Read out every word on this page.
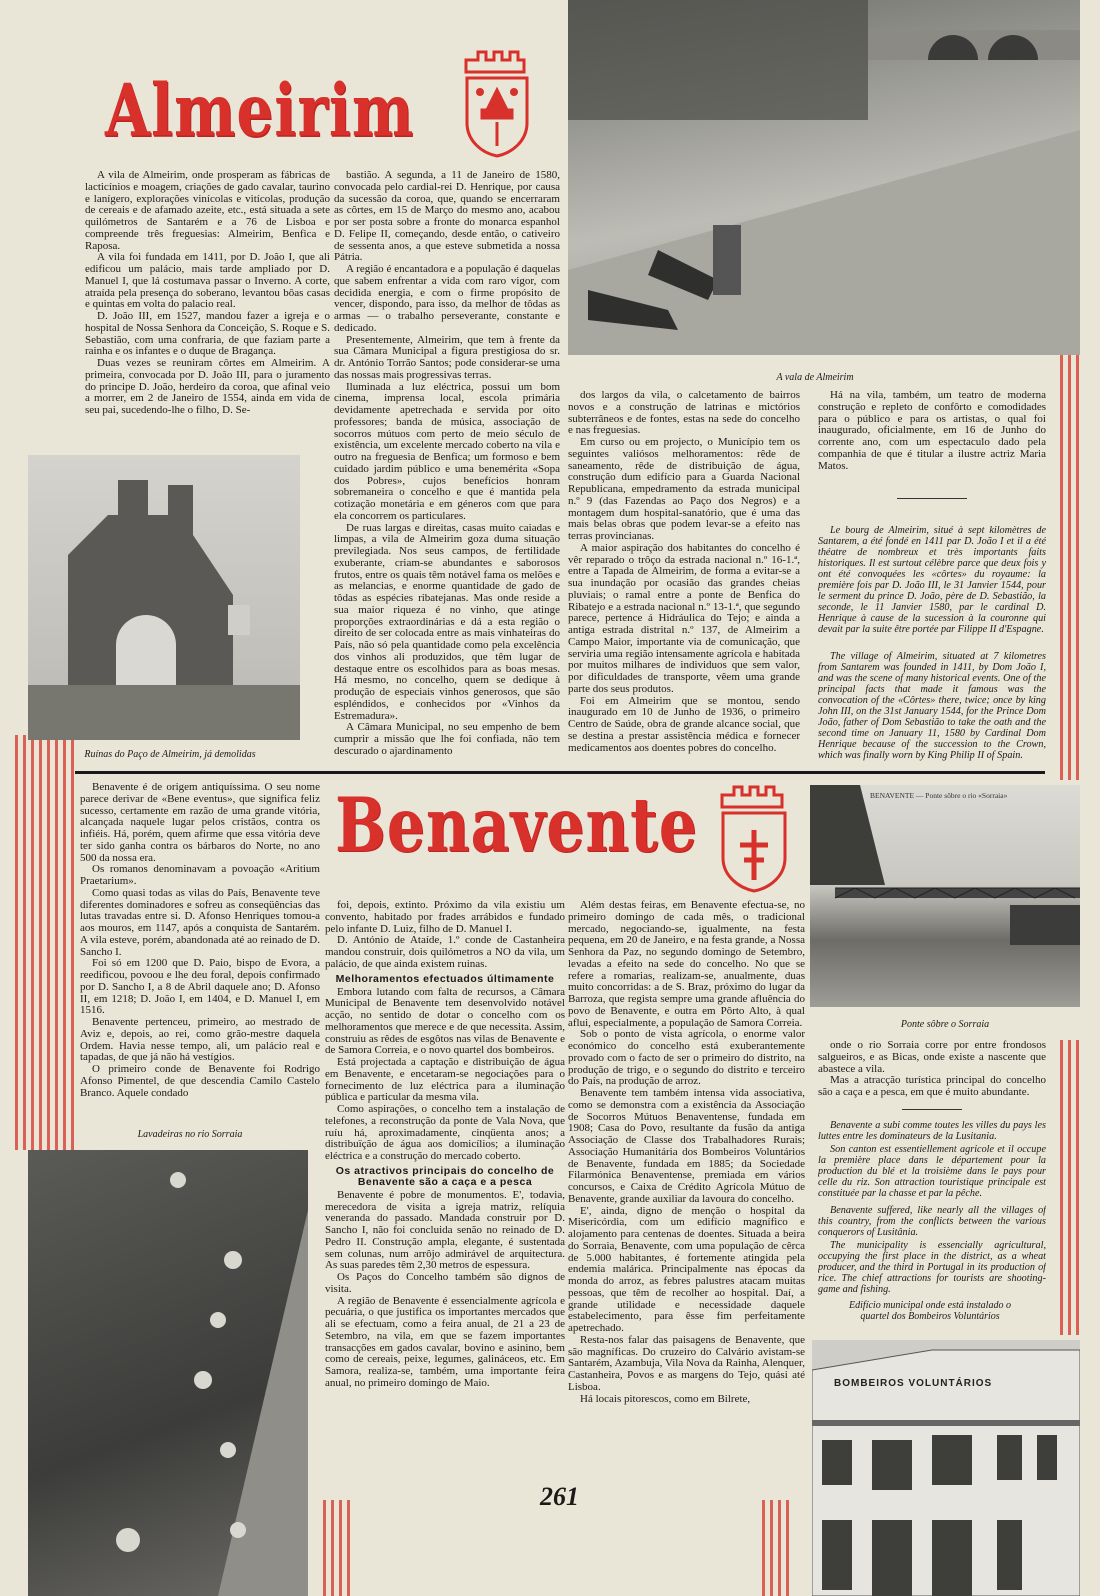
Almeirim
A vala de Almeirim

A vila de Almeirim, onde prosperam as fábricas de lacticínios e moagem, criações de gado cavalar, taurino e lanígero, explorações vinícolas e vitícolas, produção de cereais e de afamado azeite, etc., está situada a sete quilómetros de Santarém e a 76 de Lisboa e compreende três freguesias: Almeirim, Benfica e Raposa.

A vila foi fundada em 1411, por D. João I, que ali edificou um palácio, mais tarde ampliado por D. Manuel I, que lá costumava passar o Inverno. A corte, atraída pela presença do soberano, levantou bôas casas e quintas em volta do palacio real.

D. João III, em 1527, mandou fazer a igreja e o hospital de Nossa Senhora da Conceição, S. Roque e S. Sebastião, com uma confraria, de que faziam parte a rainha e os infantes e o duque de Bragança.

Duas vezes se reuniram côrtes em Almeirim. A primeira, convocada por D. João III, para o juramento do principe D. João, herdeiro da coroa, que afinal veio a morrer, em 2 de Janeiro de 1554, ainda em vida de seu pai, sucedendo-lhe o filho, D. Se-

bastião. A segunda, a 11 de Janeiro de 1580, convocada pelo cardial-rei D. Henrique, por causa da sucessão da coroa, que, quando se encerraram as côrtes, em 15 de Março do mesmo ano, acabou por ser posta sobre a fronte do monarca espanhol D. Felipe II, começando, desde então, o cativeiro de sessenta anos, a que esteve submetida a nossa Pátria.

A região é encantadora e a população é daquelas que sabem enfrentar a vida com raro vigor, com decidida energia, e com o firme propósito de vencer, dispondo, para isso, da melhor de tôdas as armas — o trabalho perseverante, constante e dedicado.

Presentemente, Almeirim, que tem à frente da sua Câmara Municipal a figura prestigiosa do sr. dr. António Torrão Santos; pode considerar-se uma das nossas mais progressivas terras.

Iluminada a luz eléctrica, possui um bom cinema, imprensa local, escola primária devidamente apetrechada e servida por oito professores; banda de música, associação de socorros mútuos com perto de meio século de existência, um excelente mercado coberto na vila e outro na freguesia de Benfica; um formoso e bem cuidado jardim público e uma benemérita «Sopa dos Pobres», cujos benefícios honram sobremaneira o concelho e que é mantida pela cotização monetária e em géneros com que para ela concorrem os particulares.

De ruas largas e direitas, casas muito caiadas e limpas, a vila de Almeirim goza duma situação previlegiada. Nos seus campos, de fertilidade exuberante, criam-se abundantes e saborosos frutos, entre os quais têm notável fama os melões e as melancias, e enorme quantidade de gado de tôdas as espécies ribatejanas. Mas onde reside a sua maior riqueza é no vinho, que atinge proporções extraordinárias e dá a esta região o direito de ser colocada entre as mais vinhateiras do País, não só pela quantidade como pela excelência dos vinhos ali produzidos, que têm lugar de destaque entre os escolhidos para as boas mesas. Há mesmo, no concelho, quem se dedique à produção de especiais vinhos generosos, que são espléndidos, e conhecidos por «Vinhos da Estremadura».

A Câmara Municipal, no seu empenho de bem cumprir a missão que lhe foi confiada, não tem descurado o ajardinamento

Ruínas do Paço de Almeirim, já demolidas

dos largos da vila, o calcetamento de bairros novos e a construção de latrinas e mictórios subterrâneos e de fontes, estas na sede do concelho e nas freguesias.

Em curso ou em projecto, o Município tem os seguintes valiósos melhoramentos: rêde de saneamento, rêde de distribuição de água, construção dum edifício para a Guarda Nacional Republicana, empedramento da estrada municipal n.º 9 (das Fazendas ao Paço dos Negros) e a montagem dum hospital-sanatório, que é uma das mais belas obras que podem levar-se a efeito nas terras provincianas.

A maior aspiração dos habitantes do concelho é vêr reparado o trôço da estrada nacional n.º 16-1.ª, entre a Tapada de Almeirim, de forma a evitar-se a sua inundação por ocasião das grandes cheias pluviais; o ramal entre a ponte de Benfica do Ribatejo e a estrada nacional n.º 13-1.ª, que segundo parece, pertence á Hidráulica do Tejo; e ainda a antiga estrada distrital n.º 137, de Almeirim a Campo Maior, importante via de comunicação, que serviria uma região intensamente agrícola e habitada por muitos milhares de individuos que sem valor, por dificuldades de transporte, vêem uma grande parte dos seus produtos.

Foi em Almeirim que se montou, sendo inaugurado em 10 de Junho de 1936, o primeiro Centro de Saúde, obra de grande alcance social, que se destina a prestar assistência médica e fornecer medicamentos aos doentes pobres do concelho.

Há na vila, também, um teatro de moderna construção e repleto de confôrto e comodidades para o público e para os artistas, o qual foi inaugurado, oficialmente, em 16 de Junho do corrente ano, com um espectaculo dado pela companhia de que é titular a ilustre actriz Maria Matos.

Le bourg de Almeirim, situé à sept kilomètres de Santarem, a été fondé en 1411 par D. João I et il a été théatre de nombreux et très importants faits historiques. Il est surtout célèbre parce que deux fois y ont été convoquées les «côrtes» du royaume: la première fois par D. João III, le 31 Janvier 1544, pour le serment du prince D. João, père de D. Sebastião, la seconde, le 11 Janvier 1580, par le cardinal D. Henrique à cause de la sucession à la couronne qui devait par la suite être portée par Filippe II d'Espagne.

The village of Almeirim, situated at 7 kilometres from Santarem was founded in 1411, by Dom João I, and was the scene of many historical events. One of the principal facts that made it famous was the convocation of the «Côrtes» there, twice; once by king John III, on the 31st January 1544, for the Prince Dom João, father of Dom Sebastião to take the oath and the second time on January 11, 1580 by Cardinal Dom Henrique because of the succession to the Crown, which was finally worn by King Philip II of Spain.

Benavente é de origem antiquíssima. O seu nome parece derivar de «Bene eventus», que significa feliz sucesso, certamente em razão de uma grande vitória, alcançada naquele lugar pelos cristãos, contra os infiéis. Há, porém, quem afirme que essa vitória deve ter sido ganha contra os bárbaros do Norte, no ano 500 da nossa era.

Os romanos denominavam a povoação «Aritium Praetarium».

Como quasi todas as vilas do País, Benavente teve diferentes dominadores e sofreu as conseqüências das lutas travadas entre si. D. Afonso Henriques tomou-a aos mouros, em 1147, após a conquista de Santarém. A vila esteve, porém, abandonada até ao reinado de D. Sancho I.

Foi só em 1200 que D. Paio, bispo de Evora, a reedificou, povoou e lhe deu foral, depois confirmado por D. Sancho I, a 8 de Abril daquele ano; D. Afonso II, em 1218; D. João I, em 1404, e D. Manuel I, em 1516.

Benavente pertenceu, primeiro, ao mestrado de Aviz e, depois, ao rei, como grão-mestre daquela Ordem. Havia nesse tempo, ali, um palácio real e tapadas, de que já não há vestígios.

O primeiro conde de Benavente foi Rodrigo Afonso Pimentel, de que descendia Camilo Castelo Branco. Aquele condado

Lavadeiras no rio Sorraia
Benavente

foi, depois, extinto. Próximo da vila existiu um convento, habitado por frades arrábidos e fundado pelo infante D. Luiz, filho de D. Manuel I.

D. António de Ataíde, 1.º conde de Castanheira mandou construir, dois quilómetros a NO da vila, um palácio, de que ainda existem ruinas.

Melhoramentos efectuados últimamente

Embora lutando com falta de recursos, a Câmara Municipal de Benavente tem desenvolvido notável acção, no sentido de dotar o concelho com os melhoramentos que merece e de que necessita. Assim, construiu as rêdes de esgôtos nas vilas de Benavente e de Samora Correia, e o novo quartel dos bombeiros.

Está projectada a captação e distribuição de água em Benavente, e encetaram-se negociações para o fornecimento de luz eléctrica para a iluminação pública e particular da mesma vila.

Como aspirações, o concelho tem a instalação de telefones, a reconstrução da ponte de Vala Nova, que ruíu há, aproximadamente, cinqüenta anos; a distribuïção de água aos domicílios; a iluminação eléctrica e a construção do mercado coberto.

Os atractivos principais do concelho de Benavente são a caça e a pesca

Benavente é pobre de monumentos. E', todavia, merecedora de visita a igreja matriz, relíquia veneranda do passado. Mandada construir por D. Sancho I, não foi concluida senão no reinado de D. Pedro II. Construção ampla, elegante, é sustentada sem colunas, num arrôjo admirável de arquitectura. As suas paredes têm 2,30 metros de espessura.

Os Paços do Concelho também são dignos de visita.

A região de Benavente é essencialmente agrícola e pecuária, o que justifica os importantes mercados que ali se efectuam, como a feira anual, de 21 a 23 de Setembro, na vila, em que se fazem importantes transacções em gados cavalar, bovino e asinino, bem como de cereais, peixe, legumes, galináceos, etc. Em Samora, realiza-se, também, uma importante feira anual, no primeiro domingo de Maio.

Além destas feiras, em Benavente efectua-se, no primeiro domingo de cada mês, o tradicional mercado, negociando-se, igualmente, na festa pequena, em 20 de Janeiro, e na festa grande, a Nossa Senhora da Paz, no segundo domingo de Setembro, levadas a efeito na sede do concelho. No que se refere a romarias, realizam-se, anualmente, duas muito concorridas: a de S. Braz, próximo do lugar da Barroza, que regista sempre uma grande afluência do povo de Benavente, e outra em Pôrto Alto, à qual aflui, especialmente, a população de Samora Correia.

Sob o ponto de vista agrícola, o enorme valor económico do concelho está exuberantemente provado com o facto de ser o primeiro do distrito, na produção de trigo, e o segundo do distrito e terceiro do País, na produção de arroz.

Benavente tem também intensa vida associativa, como se demonstra com a existência da Associação de Socorros Mútuos Benaventense, fundada em 1908; Casa do Povo, resultante da fusão da antiga Associação de Classe dos Trabalhadores Rurais; Associação Humanitária dos Bombeiros Voluntários de Benavente, fundada em 1885; da Sociedade Filarmónica Benaventense, premiada em vários concursos, e Caixa de Crédito Agrícola Mútuo de Benavente, grande auxiliar da lavoura do concelho.

E', ainda, digno de menção o hospital da Misericórdia, com um edifício magnífico e alojamento para centenas de doentes. Situada a beira do Sorraia, Benavente, com uma população de cêrca de 5.000 habitantes, é fortemente atingida pela endemia malárica. Principalmente nas épocas da monda do arroz, as febres palustres atacam muitas pessoas, que têm de recolher ao hospital. Daí, a grande utilidade e necessidade daquele estabelecimento, para êsse fim perfeitamente apetrechado.

Resta-nos falar das paisagens de Benavente, que são magníficas. Do cruzeiro do Calvário avistam-se Santarém, Azambuja, Vila Nova da Rainha, Alenquer, Castanheira, Povos e as margens do Tejo, quási até Lisboa.

Há locais pitorescos, como em Bilrete,

BENAVENTE — Ponte sôbre o rio «Sorraia»
Ponte sôbre o Sorraia

onde o rio Sorraia corre por entre frondosos salgueiros, e as Bicas, onde existe a nascente que abastece a vila.

Mas a atracção turística principal do concelho são a caça e a pesca, em que é muito abundante.

Benavente a subi comme toutes les villes du pays les luttes entre les dominateurs de la Lusitania.

Son canton est essentiellement agricole et il occupe la première place dans le département pour la production du blé et la troisième dans le pays pour celle du riz. Son attraction touristique principale est constituée par la chasse et par la pêche.

Benavente suffered, like nearly all the villages of this country, from the conflicts between the various conquerors of Lusitânia.

The municipality is essencially agricultural, occupying the first place in the district, as a wheat producer, and the third in Portugal in its production of rice. The chief attractions for tourists are shooting-game and fishing.

Edifício municipal onde está instalado o quartel dos Bombeiros Voluntários
BOMBEIROS VOLUNTÁRIOS
261
